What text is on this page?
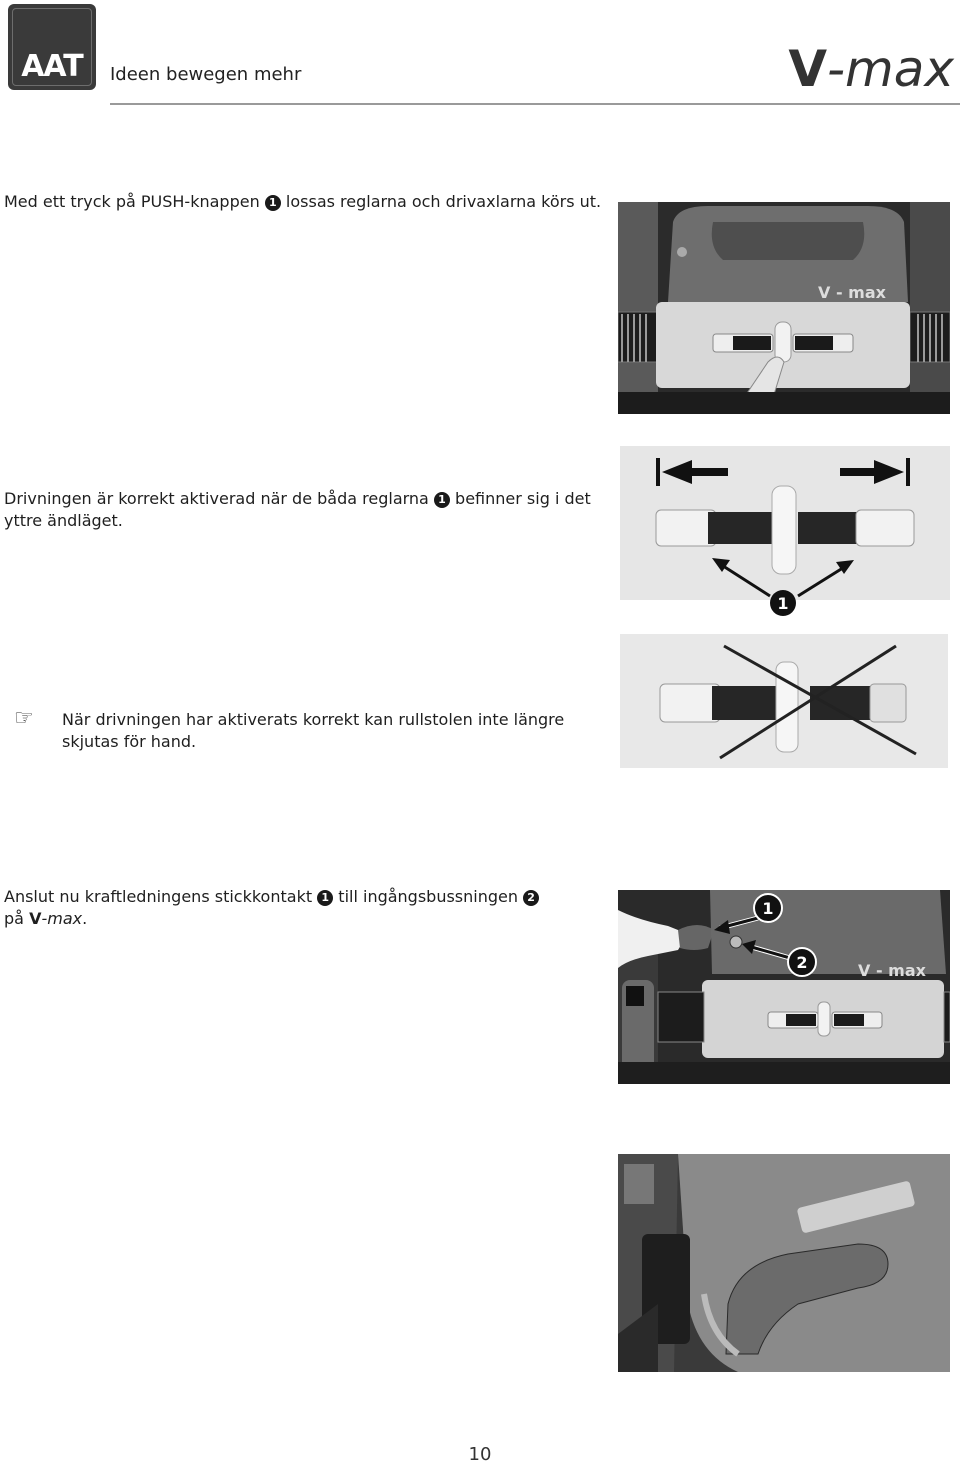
AAT	Ideen bewegen mehr	V-max
Med ett tryck på PUSH-knappen 1 lossas reglarna och drivaxlarna körs ut.
V - max
Drivningen är korrekt aktiverad när de båda reglarna 1 befinner sig i det yttre ändläget.
1
☞ När drivningen har aktiverats korrekt kan rullstolen inte längre skjutas för hand.
Anslut nu kraftledningens stickkontakt 1 till ingångsbussningen 2
på V-max.
V - max
1
2
10
